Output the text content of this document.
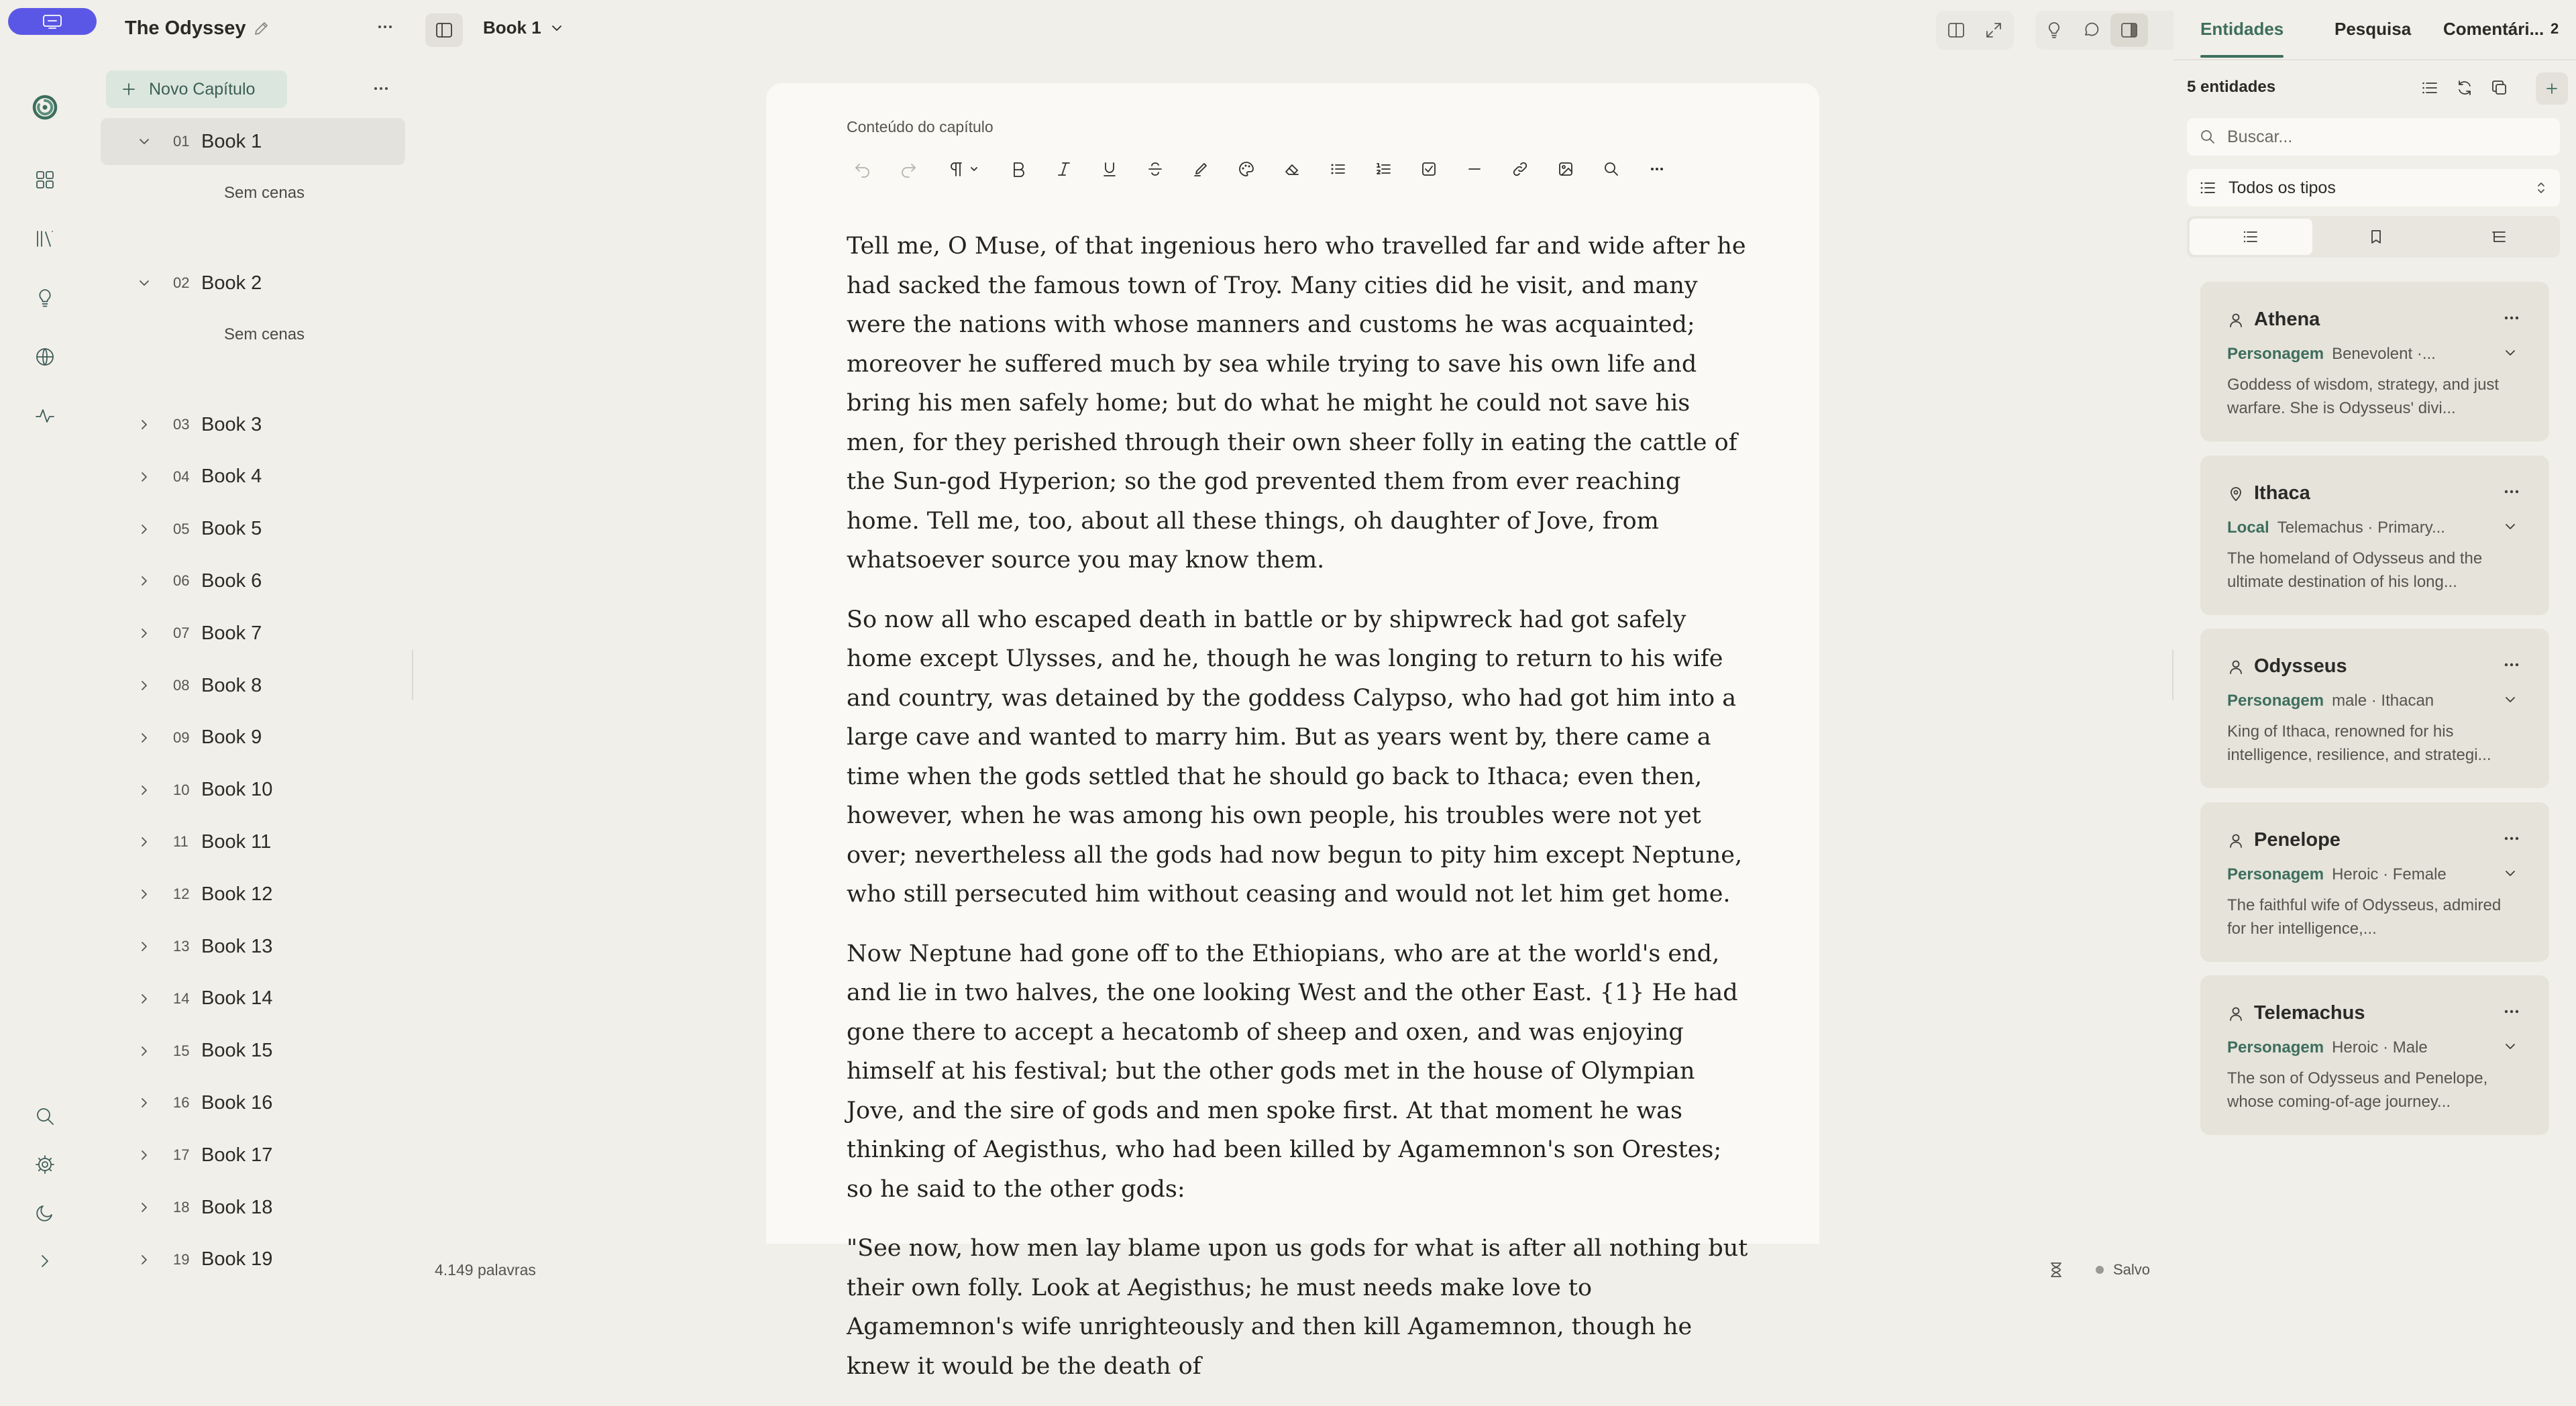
The Odyssey
Novo Capítulo
01 Book 1
Sem cenas
02 Book 2
Sem cenas
03 Book 3
04 Book 4
05 Book 5
06 Book 6
07 Book 7
08 Book 8
09 Book 9
10 Book 10
11 Book 11
12 Book 12
13 Book 13
14 Book 14
15 Book 15
16 Book 16
17 Book 17
18 Book 18
19 Book 19
Book 1
Conteúdo do capítulo

Tell me, O Muse, of that ingenious hero who travelled far and wide after he had sacked the famous town of Troy. Many cities did he visit, and many were the nations with whose manners and customs he was acquainted; moreover he suffered much by sea while trying to save his own life and bring his men safely home; but do what he might he could not save his men, for they perished through their own sheer folly in eating the cattle of the Sun-god Hyperion; so the god prevented them from ever reaching home. Tell me, too, about all these things, oh daughter of Jove, from whatsoever source you may know them.

So now all who escaped death in battle or by shipwreck had got safely home except Ulysses, and he, though he was longing to return to his wife and country, was detained by the goddess Calypso, who had got him into a large cave and wanted to marry him. But as years went by, there came a time when the gods settled that he should go back to Ithaca; even then, however, when he was among his own people, his troubles were not yet over; nevertheless all the gods had now begun to pity him except Neptune, who still persecuted him without ceasing and would not let him get home.

Now Neptune had gone off to the Ethiopians, who are at the world's end, and lie in two halves, the one looking West and the other East. {1} He had gone there to accept a hecatomb of sheep and oxen, and was enjoying himself at his festival; but the other gods met in the house of Olympian Jove, and the sire of gods and men spoke first. At that moment he was thinking of Aegisthus, who had been killed by Agamemnon's son Orestes; so he said to the other gods:

"See now, how men lay blame upon us gods for what is after all nothing but their own folly. Look at Aegisthus; he must needs make love to Agamemnon's wife unrighteously and then kill Agamemnon, though he knew it would be the death of

4.149 palavras	Salvo
Entidades	Pesquisa Comentári... 2
5 entidades
Buscar...
Todos os tipos
Athena
Personagem Benevolent ·...
Goddess of wisdom, strategy, and just warfare. She is Odysseus' divi...
Ithaca
Local Telemachus · Primary...
The homeland of Odysseus and the ultimate destination of his long...
Odysseus
Personagem male · Ithacan
King of Ithaca, renowned for his intelligence, resilience, and strategi...
Penelope
Personagem Heroic · Female
The faithful wife of Odysseus, admired for her intelligence,...
Telemachus
Personagem Heroic · Male
The son of Odysseus and Penelope, whose coming-of-age journey...
